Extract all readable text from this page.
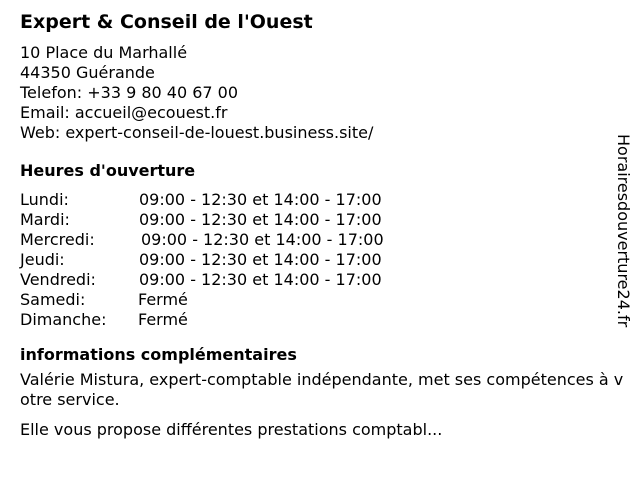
Expert & Conseil de l'Ouest
10 Place du Marhallé
44350 Guérande
Telefon: +33 9 80 40 67 00
Email: accueil@ecouest.fr
Web: expert-conseil-de-louest.business.site/
Heures d'ouverture
Lundi:	09:00 - 12:30 et 14:00 - 17:00
Mardi:	09:00 - 12:30 et 14:00 - 17:00
Mercredi:	09:00 - 12:30 et 14:00 - 17:00
Jeudi:	09:00 - 12:30 et 14:00 - 17:00
Vendredi:	09:00 - 12:30 et 14:00 - 17:00
Samedi:	Fermé
Dimanche:	Fermé
informations complémentaires

Valérie Mistura, expert-comptable indépendante, met ses compétences à votre service.

Elle vous propose différentes prestations comptabl...

Horairesdouverture24.fr
